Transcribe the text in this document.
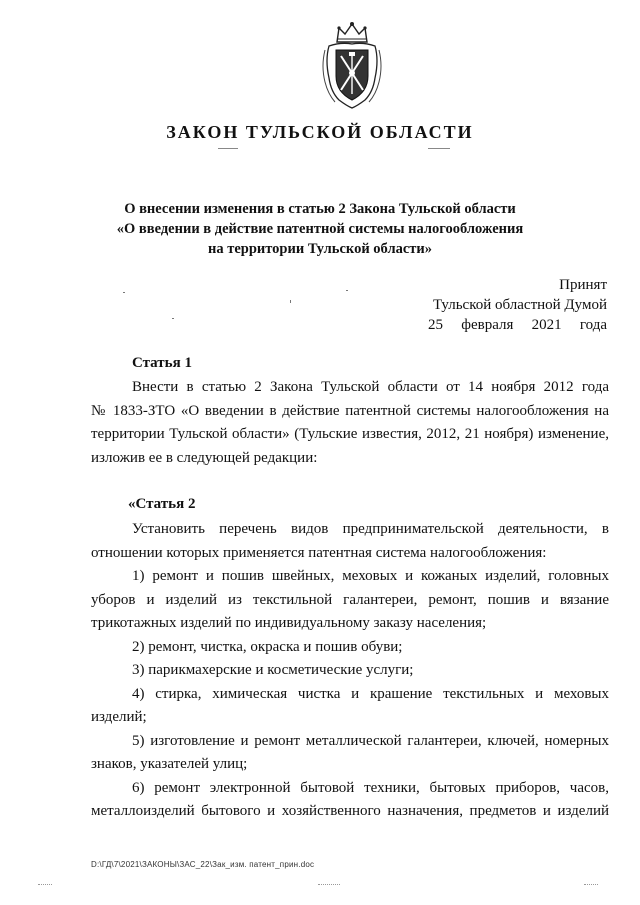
ЗАКОН ТУЛЬСКОЙ ОБЛАСТИ
О внесении изменения в статью 2 Закона Тульской области
«О введении в действие патентной системы налогообложения
на территории Тульской области»
Принят
Тульской областной Думой
25 февраля 2021 года
Статья 1
Внести в статью 2 Закона Тульской области от 14 ноября 2012 года
№ 1833-ЗТО «О введении в действие патентной системы налогообложения на
территории Тульской области» (Тульские известия, 2012, 21 ноября) изменение,
изложив ее в следующей редакции:
«Статья 2
Установить перечень видов предпринимательской деятельности, в
отношении которых применяется патентная система налогообложения:
1) ремонт и пошив швейных, меховых и кожаных изделий, головных
уборов и изделий из текстильной галантереи, ремонт, пошив и вязание
трикотажных изделий по индивидуальному заказу населения;
2) ремонт, чистка, окраска и пошив обуви;
3) парикмахерские и косметические услуги;
4) стирка, химическая чистка и крашение текстильных и меховых
изделий;
5) изготовление и ремонт металлической галантереи, ключей, номерных
знаков, указателей улиц;
6) ремонт электронной бытовой техники, бытовых приборов, часов,
металлоизделий бытового и хозяйственного назначения, предметов и изделий
D:\ГД\7\2021\ЗАКОНЫ\ЗАС_22\Зак_изм. патент_прин.doc
